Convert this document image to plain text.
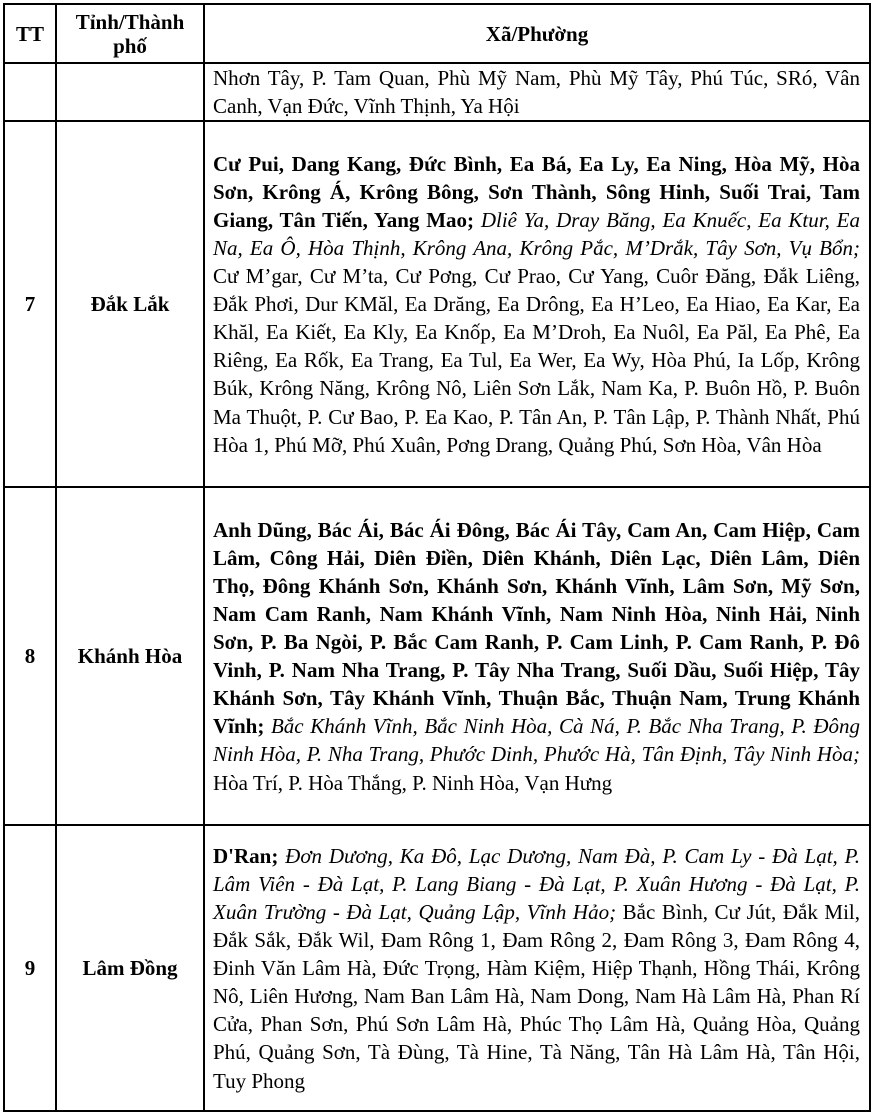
TT	Tỉnh/Thành phố	Xã/Phường
		Nhơn Tây, P. Tam Quan, Phù Mỹ Nam, Phù Mỹ Tây, Phú Túc, SRó, Vân Canh, Vạn Đức, Vĩnh Thịnh, Ya Hội
7	Đắk Lắk	Cư Pui, Dang Kang, Đức Bình, Ea Bá, Ea Ly, Ea Ning, Hòa Mỹ, Hòa Sơn, Krông Á, Krông Bông, Sơn Thành, Sông Hinh, Suối Trai, Tam Giang, Tân Tiến, Yang Mao; Dliê Ya, Dray Băng, Ea Knuếc, Ea Ktur, Ea Na, Ea Ô, Hòa Thịnh, Krông Ana, Krông Pắc, M’Drắk, Tây Sơn, Vụ Bổn; Cư M’gar, Cư M’ta, Cư Pơng, Cư Prao, Cư Yang, Cuôr Đăng, Đắk Liêng, Đắk Phơi, Dur KMăl, Ea Drăng, Ea Drông, Ea H’Leo, Ea Hiao, Ea Kar, Ea Khăl, Ea Kiết, Ea Kly, Ea Knốp, Ea M’Droh, Ea Nuôl, Ea Păl, Ea Phê, Ea Riêng, Ea Rốk, Ea Trang, Ea Tul, Ea Wer, Ea Wy, Hòa Phú, Ia Lốp, Krông Búk, Krông Năng, Krông Nô, Liên Sơn Lắk, Nam Ka, P. Buôn Hồ, P. Buôn Ma Thuột, P. Cư Bao, P. Ea Kao, P. Tân An, P. Tân Lập, P. Thành Nhất, Phú Hòa 1, Phú Mỡ, Phú Xuân, Pơng Drang, Quảng Phú, Sơn Hòa, Vân Hòa
8	Khánh Hòa	Anh Dũng, Bác Ái, Bác Ái Đông, Bác Ái Tây, Cam An, Cam Hiệp, Cam Lâm, Công Hải, Diên Điền, Diên Khánh, Diên Lạc, Diên Lâm, Diên Thọ, Đông Khánh Sơn, Khánh Sơn, Khánh Vĩnh, Lâm Sơn, Mỹ Sơn, Nam Cam Ranh, Nam Khánh Vĩnh, Nam Ninh Hòa, Ninh Hải, Ninh Sơn, P. Ba Ngòi, P. Bắc Cam Ranh, P. Cam Linh, P. Cam Ranh, P. Đô Vinh, P. Nam Nha Trang, P. Tây Nha Trang, Suối Dầu, Suối Hiệp, Tây Khánh Sơn, Tây Khánh Vĩnh, Thuận Bắc, Thuận Nam, Trung Khánh Vĩnh; Bắc Khánh Vĩnh, Bắc Ninh Hòa, Cà Ná, P. Bắc Nha Trang, P. Đông Ninh Hòa, P. Nha Trang, Phước Dinh, Phước Hà, Tân Định, Tây Ninh Hòa; Hòa Trí, P. Hòa Thắng, P. Ninh Hòa, Vạn Hưng
9	Lâm Đồng	D'Ran; Đơn Dương, Ka Đô, Lạc Dương, Nam Đà, P. Cam Ly - Đà Lạt, P. Lâm Viên - Đà Lạt, P. Lang Biang - Đà Lạt, P. Xuân Hương - Đà Lạt, P. Xuân Trường - Đà Lạt, Quảng Lập, Vĩnh Hảo; Bắc Bình, Cư Jút, Đắk Mil, Đắk Sắk, Đắk Wil, Đam Rông 1, Đam Rông 2, Đam Rông 3, Đam Rông 4, Đinh Văn Lâm Hà, Đức Trọng, Hàm Kiệm, Hiệp Thạnh, Hồng Thái, Krông Nô, Liên Hương, Nam Ban Lâm Hà, Nam Dong, Nam Hà Lâm Hà, Phan Rí Cửa, Phan Sơn, Phú Sơn Lâm Hà, Phúc Thọ Lâm Hà, Quảng Hòa, Quảng Phú, Quảng Sơn, Tà Đùng, Tà Hine, Tà Năng, Tân Hà Lâm Hà, Tân Hội, Tuy Phong
